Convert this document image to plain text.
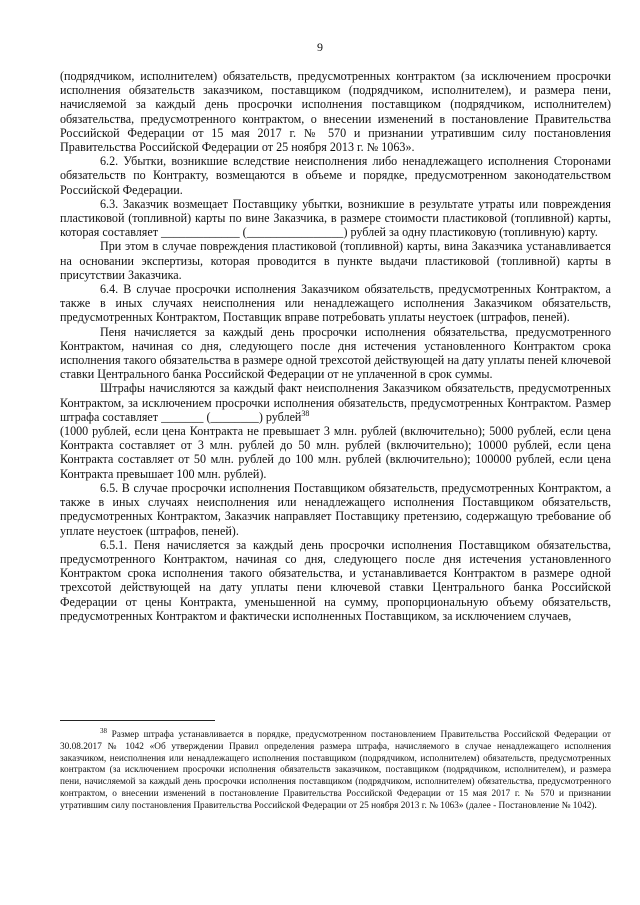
9

(подрядчиком, исполнителем) обязательств, предусмотренных контрактом (за исключением просрочки исполнения обязательств заказчиком, поставщиком (подрядчиком, исполнителем), и размера пени, начисляемой за каждый день просрочки исполнения поставщиком (подрядчиком, исполнителем) обязательства, предусмотренного контрактом, о внесении изменений в постановление Правительства Российской Федерации от 15 мая 2017 г. № 570 и признании утратившим силу постановления Правительства Российской Федерации от 25 ноября 2013 г. № 1063».

6.2. Убытки, возникшие вследствие неисполнения либо ненадлежащего исполнения Сторонами обязательств по Контракту, возмещаются в объеме и порядке, предусмотренном законодательством Российской Федерации.

6.3. Заказчик возмещает Поставщику убытки, возникшие в результате утраты или повреждения пластиковой (топливной) карты по вине Заказчика, в размере стоимости пластиковой (топливной) карты, которая составляет _____________ (________________) рублей за одну пластиковую (топливную) карту.

При этом в случае повреждения пластиковой (топливной) карты, вина Заказчика устанавливается на основании экспертизы, которая проводится в пункте выдачи пластиковой (топливной) карты в присутствии Заказчика.

6.4. В случае просрочки исполнения Заказчиком обязательств, предусмотренных Контрактом, а также в иных случаях неисполнения или ненадлежащего исполнения Заказчиком обязательств, предусмотренных Контрактом, Поставщик вправе потребовать уплаты неустоек (штрафов, пеней).

Пеня начисляется за каждый день просрочки исполнения обязательства, предусмотренного Контрактом, начиная со дня, следующего после дня истечения установленного Контрактом срока исполнения такого обязательства в размере одной трехсотой действующей на дату уплаты пеней ключевой ставки Центрального банка Российской Федерации от не уплаченной в срок суммы.

Штрафы начисляются за каждый факт неисполнения Заказчиком обязательств, предусмотренных Контрактом, за исключением просрочки исполнения обязательств, предусмотренных Контрактом. Размер штрафа составляет _______ (________) рублей$^{38}$
(1000 рублей, если цена Контракта не превышает 3 млн. рублей (включительно); 5000 рублей, если цена Контракта составляет от 3 млн. рублей до 50 млн. рублей (включительно); 10000 рублей, если цена Контракта составляет от 50 млн. рублей до 100 млн. рублей (включительно); 100000 рублей, если цена Контракта превышает 100 млн. рублей).

6.5. В случае просрочки исполнения Поставщиком обязательств, предусмотренных Контрактом, а также в иных случаях неисполнения или ненадлежащего исполнения Поставщиком обязательств, предусмотренных Контрактом, Заказчик направляет Поставщику претензию, содержащую требование об уплате неустоек (штрафов, пеней).

6.5.1. Пеня начисляется за каждый день просрочки исполнения Поставщиком обязательства, предусмотренного Контрактом, начиная со дня, следующего после дня истечения установленного Контрактом срока исполнения такого обязательства, и устанавливается Контрактом в размере одной трехсотой действующей на дату уплаты пени ключевой ставки Центрального банка Российской Федерации от цены Контракта, уменьшенной на сумму, пропорциональную объему обязательств, предусмотренных Контрактом и фактически исполненных Поставщиком, за исключением случаев,

$^{38}$ Размер штрафа устанавливается в порядке, предусмотренном постановлением Правительства Российской Федерации от 30.08.2017 № 1042 «Об утверждении Правил определения размера штрафа, начисляемого в случае ненадлежащего исполнения заказчиком, неисполнения или ненадлежащего исполнения поставщиком (подрядчиком, исполнителем) обязательств, предусмотренных контрактом (за исключением просрочки исполнения обязательств заказчиком, поставщиком (подрядчиком, исполнителем), и размера пени, начисляемой за каждый день просрочки исполнения поставщиком (подрядчиком, исполнителем) обязательства, предусмотренного контрактом, о внесении изменений в постановление Правительства Российской Федерации от 15 мая 2017 г. № 570 и признании утратившим силу постановления Правительства Российской Федерации от 25 ноября 2013 г. № 1063» (далее - Постановление № 1042).
